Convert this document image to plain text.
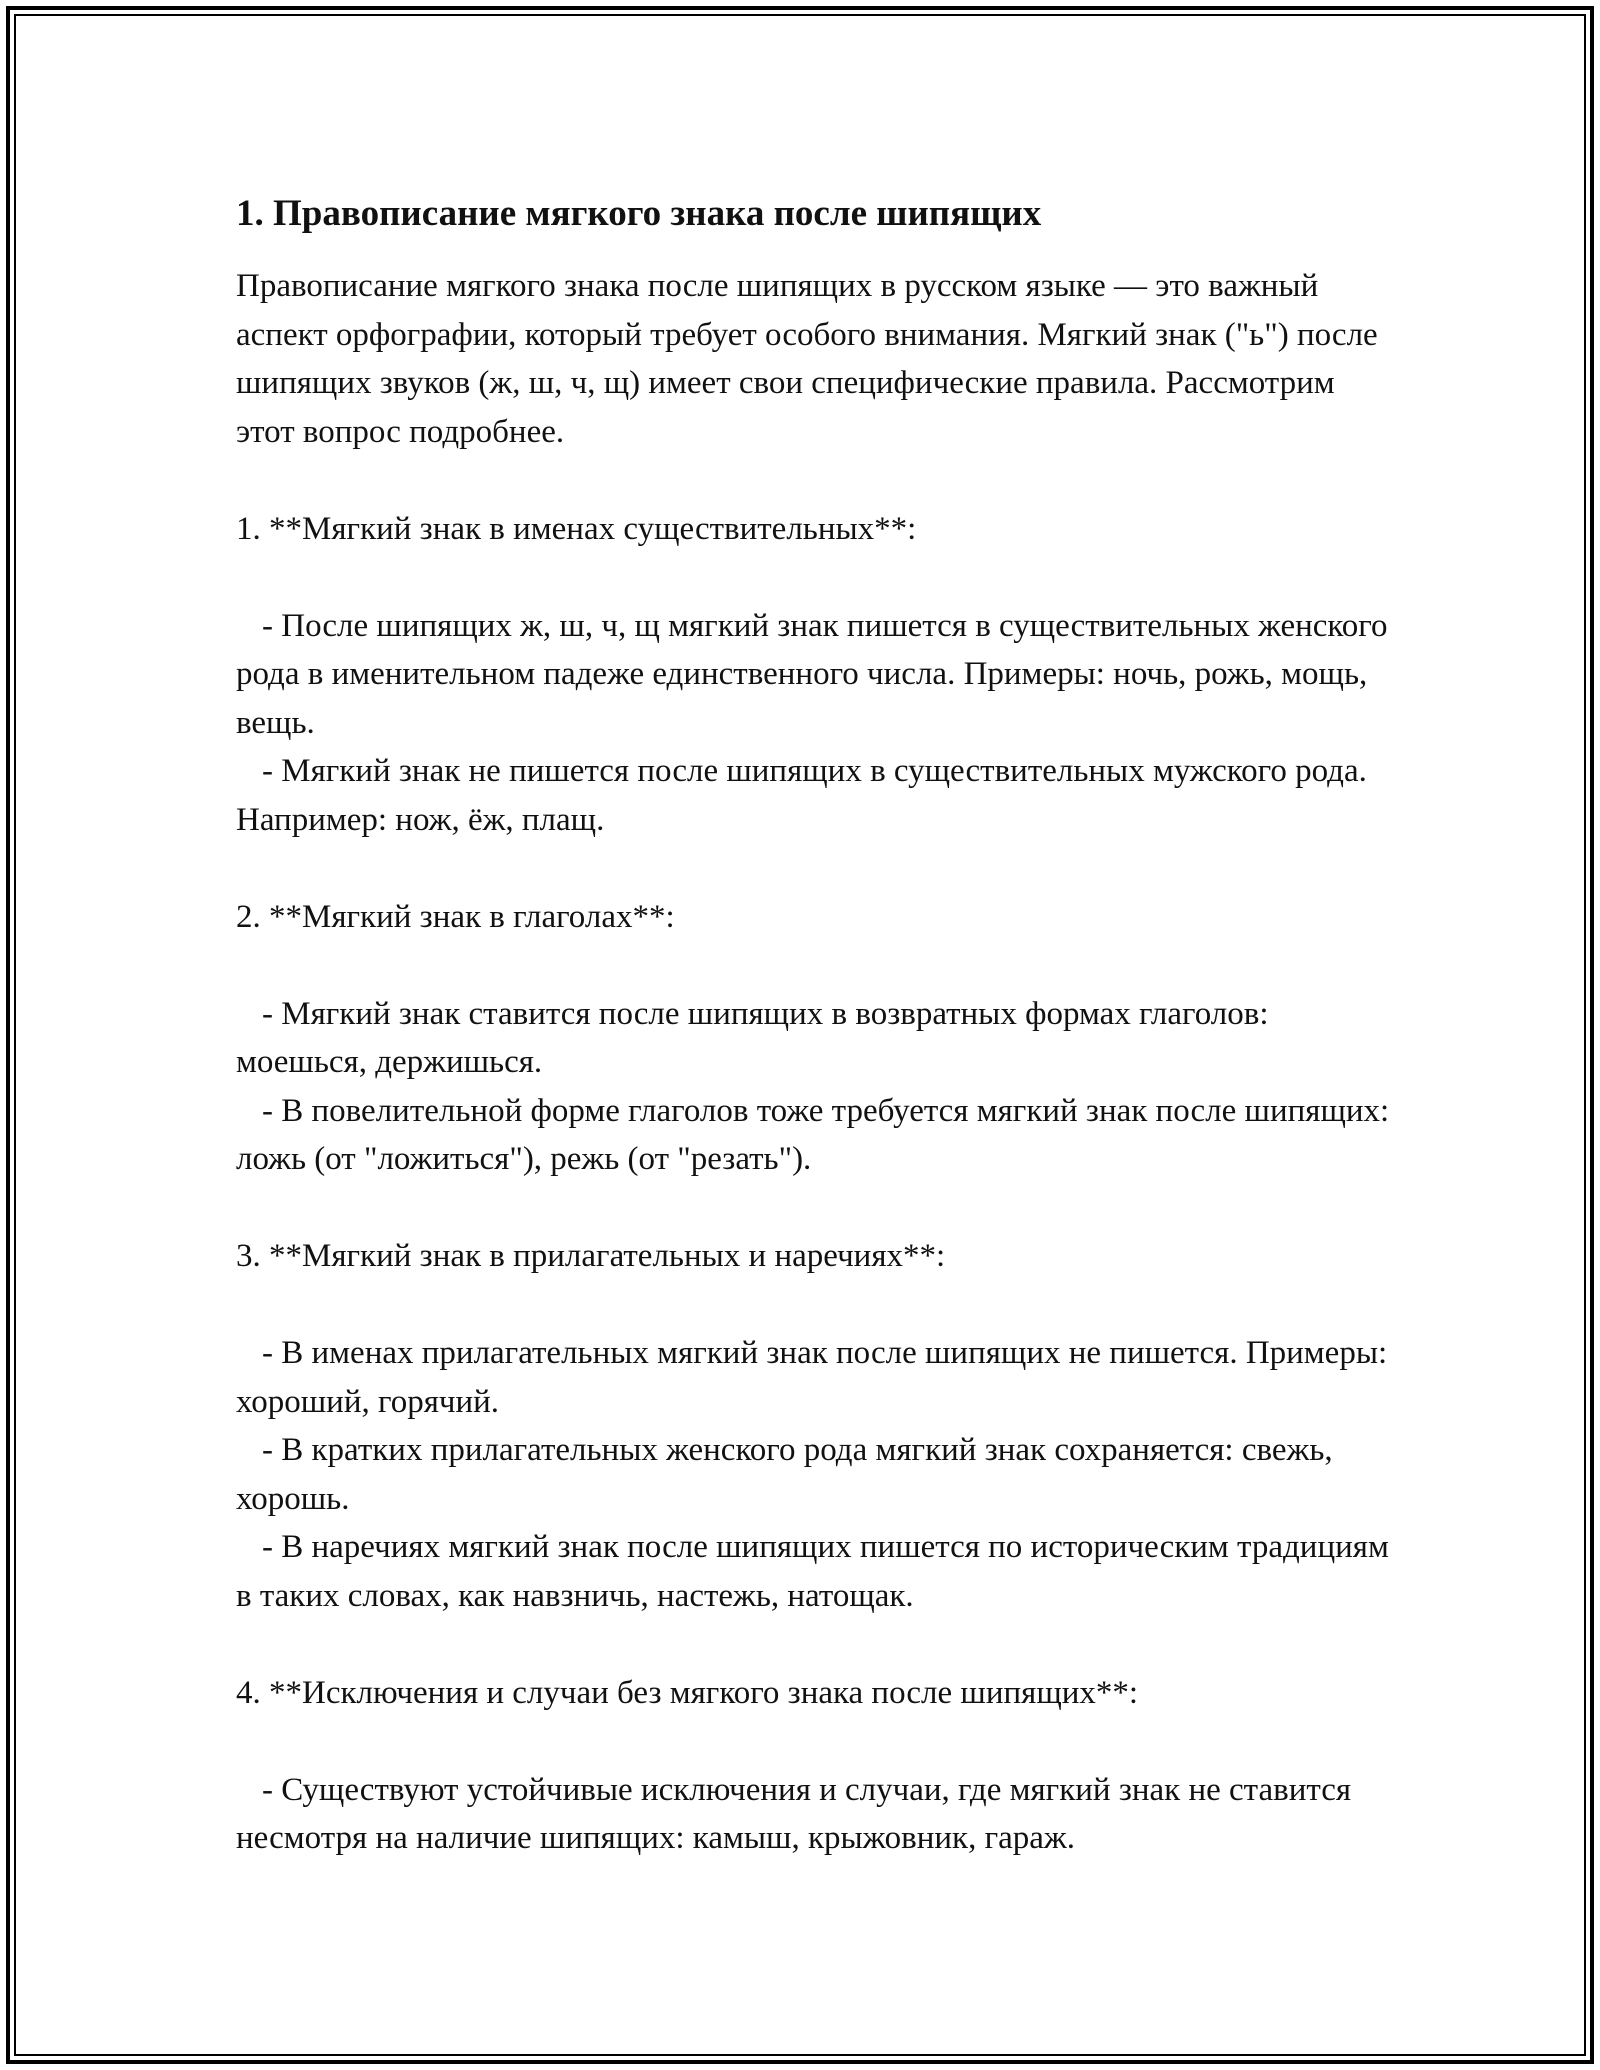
1. Правописание мягкого знака после шипящих

Правописание мягкого знака после шипящих в русском языке — это важный аспект орфографии, который требует особого внимания. Мягкий знак ("ь") после шипящих звуков (ж, ш, ч, щ) имеет свои специфические правила. Рассмотрим этот вопрос подробнее.

1. **Мягкий знак в именах существительных**:

- После шипящих ж, ш, ч, щ мягкий знак пишется в существительных женского рода в именительном падеже единственного числа. Примеры: ночь, рожь, мощь, вещь.

- Мягкий знак не пишется после шипящих в существительных мужского рода. Например: нож, ёж, плащ.

2. **Мягкий знак в глаголах**:

- Мягкий знак ставится после шипящих в возвратных формах глаголов: моешься, держишься.

- В повелительной форме глаголов тоже требуется мягкий знак после шипящих: ложь (от "ложиться"), режь (от "резать").

3. **Мягкий знак в прилагательных и наречиях**:

- В именах прилагательных мягкий знак после шипящих не пишется. Примеры: хороший, горячий.

- В кратких прилагательных женского рода мягкий знак сохраняется: свежь, хорошь.

- В наречиях мягкий знак после шипящих пишется по историческим традициям в таких словах, как навзничь, настежь, натощак.

4. **Исключения и случаи без мягкого знака после шипящих**:

- Существуют устойчивые исключения и случаи, где мягкий знак не ставится несмотря на наличие шипящих: камыш, крыжовник, гараж.
